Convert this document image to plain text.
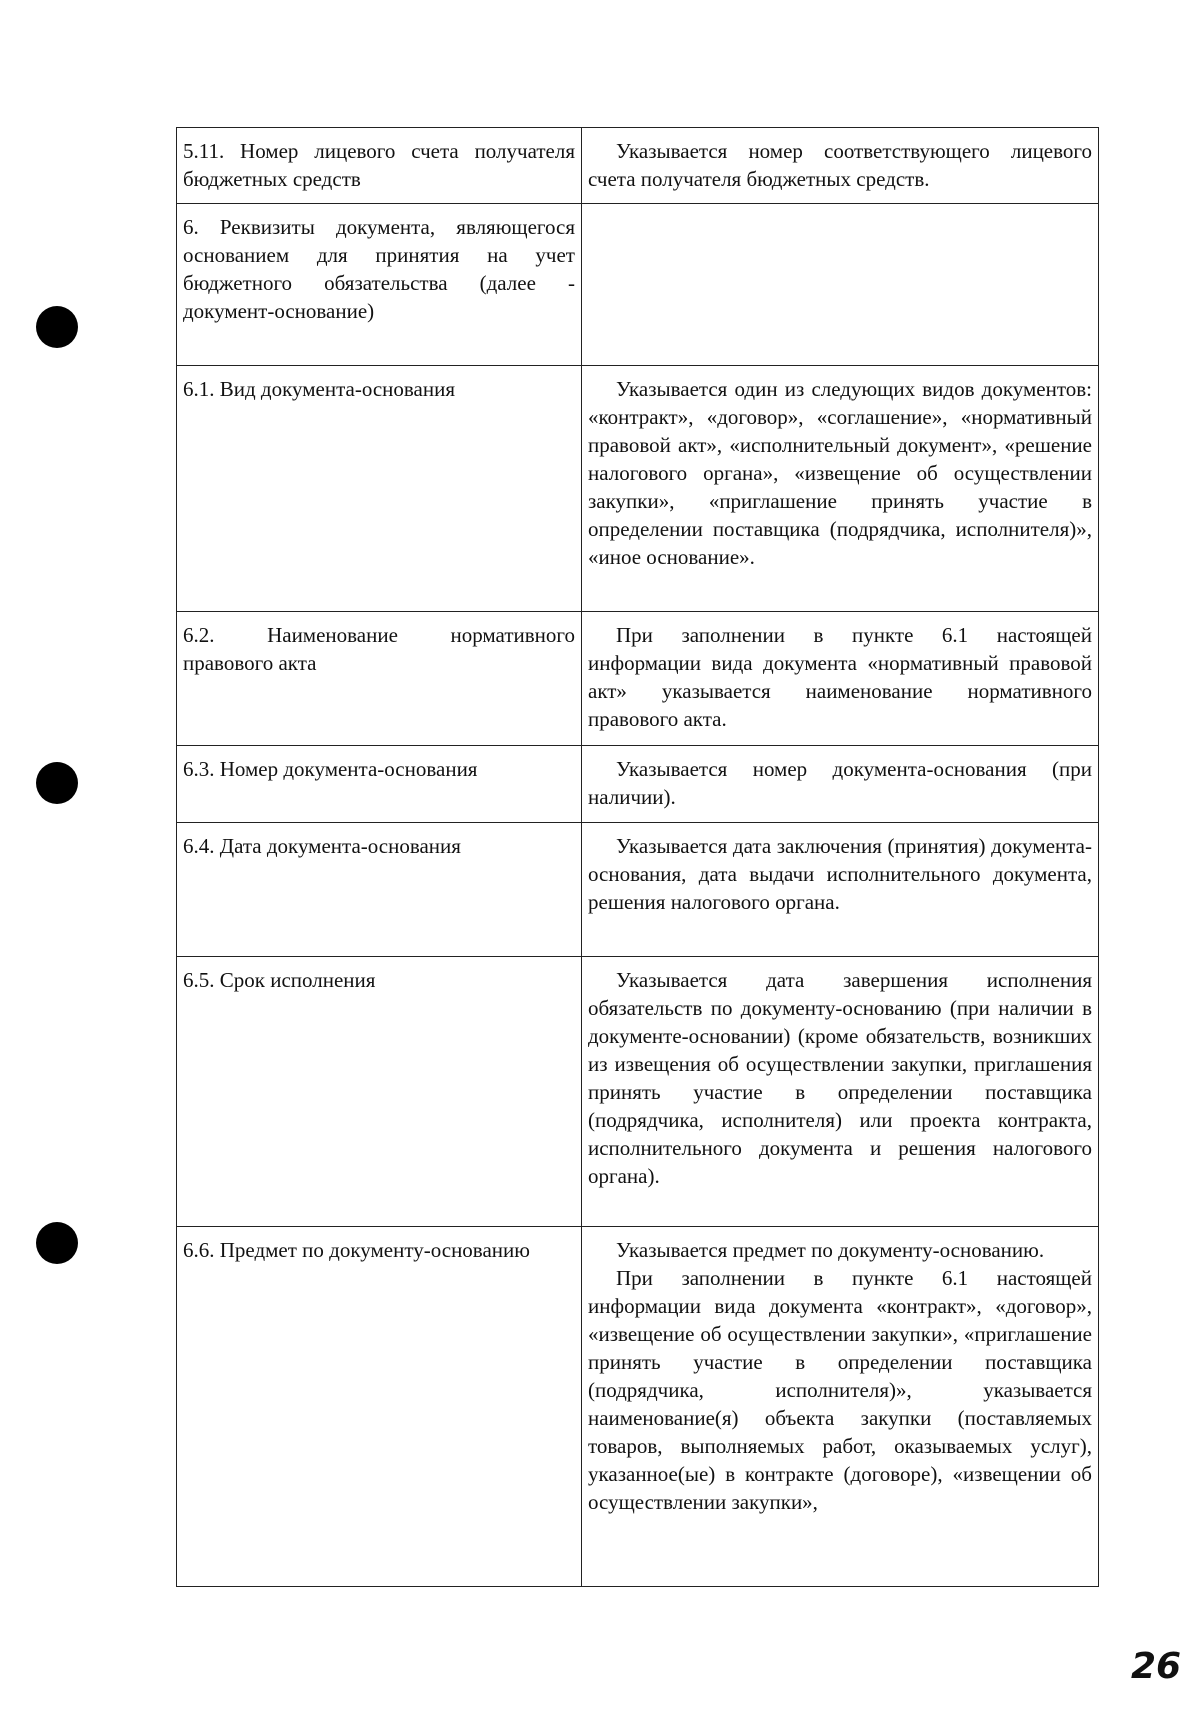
5.11. Номер лицевого счета получателя бюджетных средств	Указывается номер соответствующего лицевого счета получателя бюджетных средств.

6. Реквизиты документа, являющегося основанием для принятия на учет бюджетного обязательства (далее - документ-основание)	
6.1. Вид документа-основания	Указывается один из следующих видов документов: «контракт», «договор», «соглашение», «нормативный правовой акт», «исполнительный документ», «решение налогового органа», «извещение об осуществлении закупки», «приглашение принять участие в определении поставщика (подрядчика, исполнителя)», «иное основание».

6.2. Наименование нормативного правового акта	При заполнении в пункте 6.1 настоящей информации вида документа «нормативный правовой акт» указывается наименование нормативного правового акта.

6.3. Номер документа-основания	Указывается номер документа-основания (при наличии).

6.4. Дата документа-основания	Указывается дата заключения (принятия) документа-основания, дата выдачи исполнительного документа, решения налогового органа.

6.5. Срок исполнения	Указывается дата завершения исполнения обязательств по документу-основанию (при наличии в документе-основании) (кроме обязательств, возникших из извещения об осуществлении закупки, приглашения принять участие в определении поставщика (подрядчика, исполнителя) или проекта контракта, исполнительного документа и решения налогового органа).

6.6. Предмет по документу-основанию	Указывается предмет по документу-основанию.

При заполнении в пункте 6.1 настоящей информации вида документа «контракт», «договор», «извещение об осуществлении закупки», «приглашение принять участие в определении поставщика (подрядчика, исполнителя)», указывается наименование(я) объекта закупки (поставляемых товаров, выполняемых работ, оказываемых услуг), указанное(ые) в контракте (договоре), «извещении об осуществлении закупки»,

26
